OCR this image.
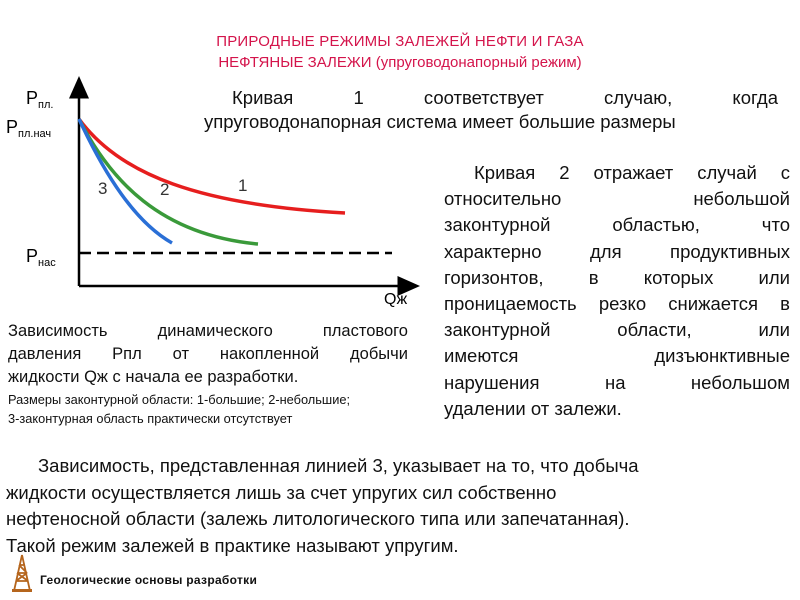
ПРИРОДНЫЕ РЕЖИМЫ ЗАЛЕЖЕЙ НЕФТИ И ГАЗА
НЕФТЯНЫЕ ЗАЛЕЖИ (упруговодонапорный режим)
$Р_{пл.}$
$Р_{пл.нач}$
$Р_{нас}$
Qж
1
2
3
Кривая 1 соответствует случаю, когда
упруговодонапорная система имеет большие размеры
Кривая 2 отражает случай с
относительно небольшой
законтурной областью, что
характерно для продуктивных
горизонтов, в которых или
проницаемость резко снижается в
законтурной области, или
имеются дизъюнктивные
нарушения на небольшом
удалении от залежи.
Зависимость динамического пластового
давления Рпл от накопленной добычи
жидкости Qж с начала ее разработки.
Размеры законтурной области: 1-большие; 2-небольшие;
3-законтурная область практически отсутствует
Зависимость, представленная линией 3, указывает на то, что добыча
жидкости осуществляется лишь за счет упругих сил собственно
нефтеносной области (залежь литологического типа или запечатанная).
Такой режим залежей в практике называют упругим.
Геологические основы разработки
